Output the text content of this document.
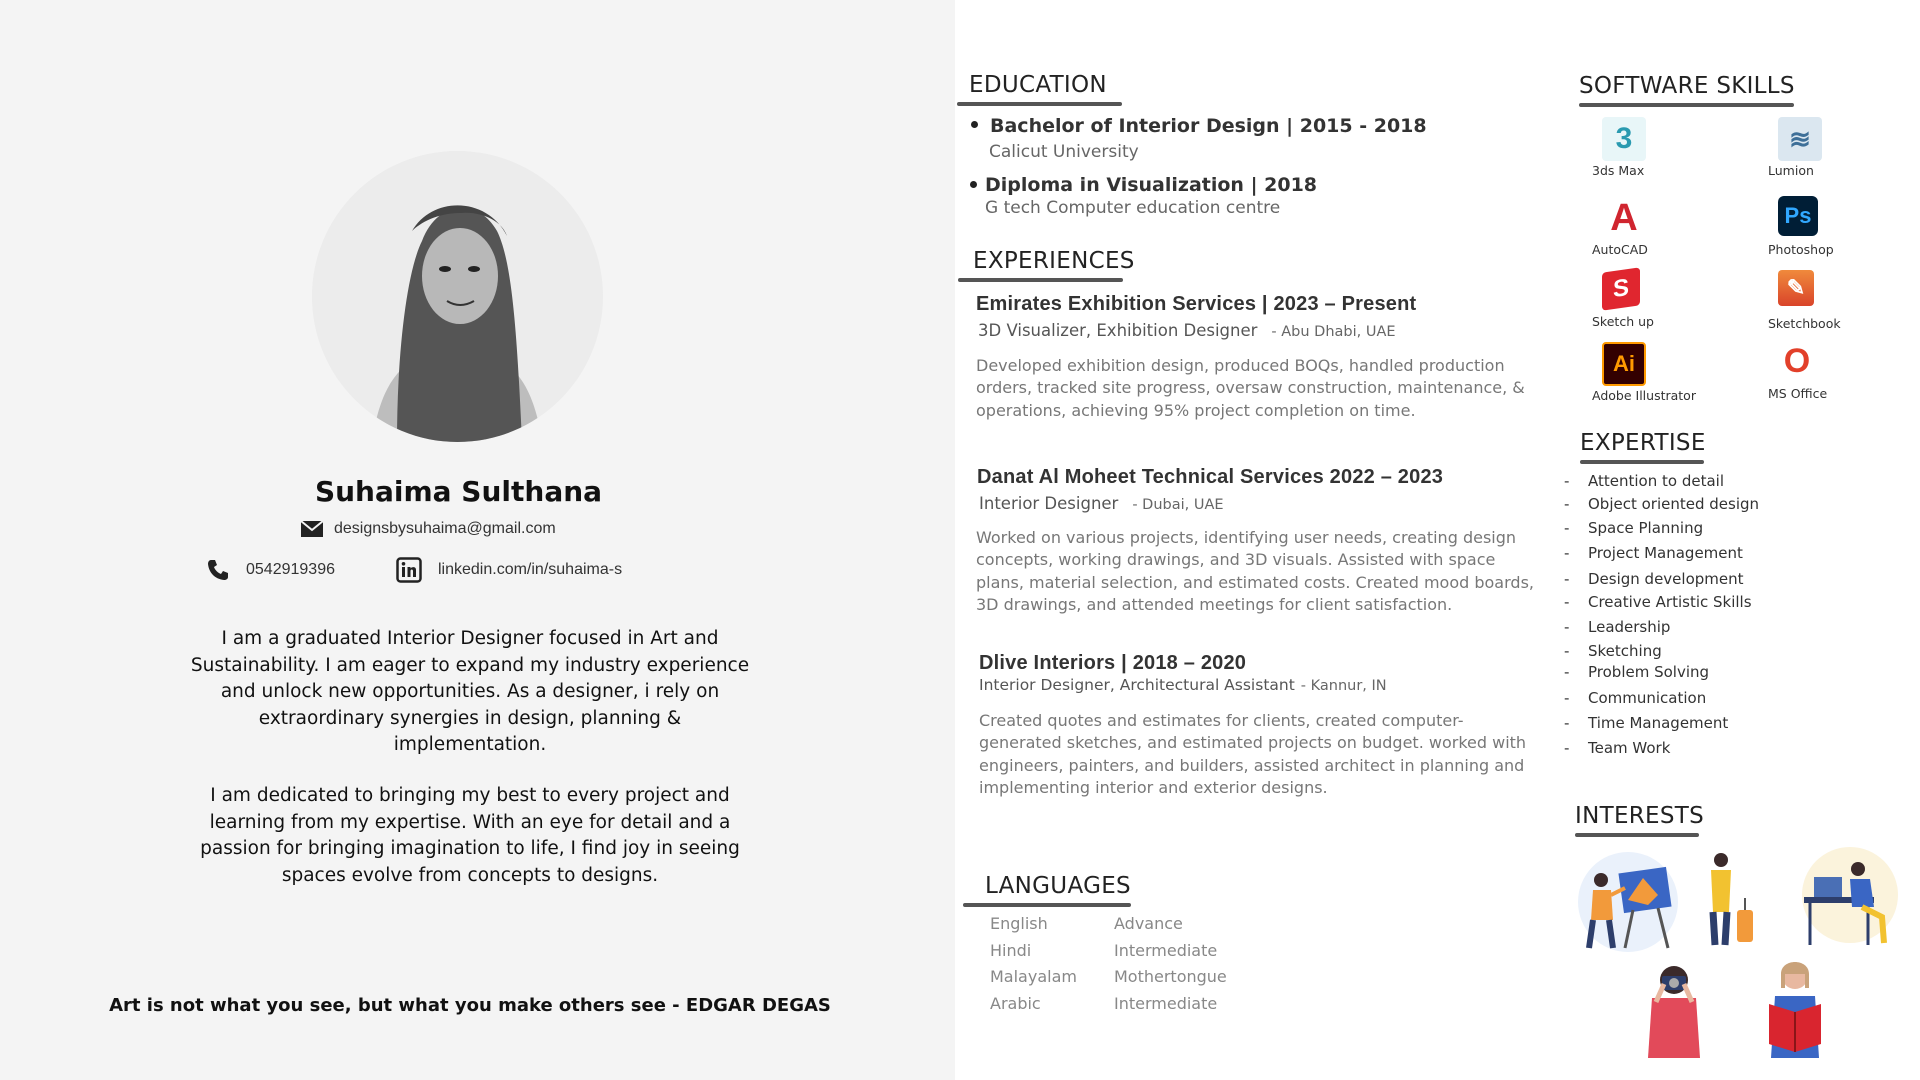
Suhaima Sulthana
designsbysuhaima@gmail.com
0542919396	linkedin.com/in/suhaima-s
I am a graduated Interior Designer focused in Art and Sustainability. I am eager to expand my industry experience and unlock new opportunities. As a designer, i rely on extraordinary synergies in design, planning & implementation.
I am dedicated to bringing my best to every project and learning from my expertise. With an eye for detail and a passion for bringing imagination to life, I find joy in seeing spaces evolve from concepts to designs.
Art is not what you see, but what you make others see - EDGAR DEGAS
EDUCATION
Bachelor of Interior Design | 2015 - 2018
Calicut University
Diploma in Visualization | 2018
G tech Computer education centre
EXPERIENCES
Emirates Exhibition Services | 2023 – Present
3D Visualizer, Exhibition Designer - Abu Dhabi, UAE
Developed exhibition design, produced BOQs, handled production orders, tracked site progress, oversaw construction, maintenance, & operations, achieving 95% project completion on time.
Danat Al Moheet Technical Services 2022 – 2023
Interior Designer - Dubai, UAE
Worked on various projects, identifying user needs, creating design concepts, working drawings, and 3D visuals. Assisted with space plans, material selection, and estimated costs. Created mood boards, 3D drawings, and attended meetings for client satisfaction.
Dlive Interiors | 2018 – 2020
Interior Designer, Architectural Assistant - Kannur, IN
Created quotes and estimates for clients, created computer-generated sketches, and estimated projects on budget. worked with engineers, painters, and builders, assisted architect in planning and implementing interior and exterior designs.
LANGUAGES
English	Advance
Hindi	Intermediate
Malayalam Mothertongue
Arabic	Intermediate
SOFTWARE SKILLS
3
3ds Max
≋
Lumion
A
AutoCAD
Ps
Photoshop
S
Sketch up
✎
Sketchbook
Ai
Adobe Illustrator
O
MS Office
EXPERTISE
- Attention to detail
- Object oriented design
- Space Planning
- Project Management
- Design development
- Creative Artistic Skills
- Leadership
- Sketching
- Problem Solving
- Communication
- Time Management
- Team Work
INTERESTS
